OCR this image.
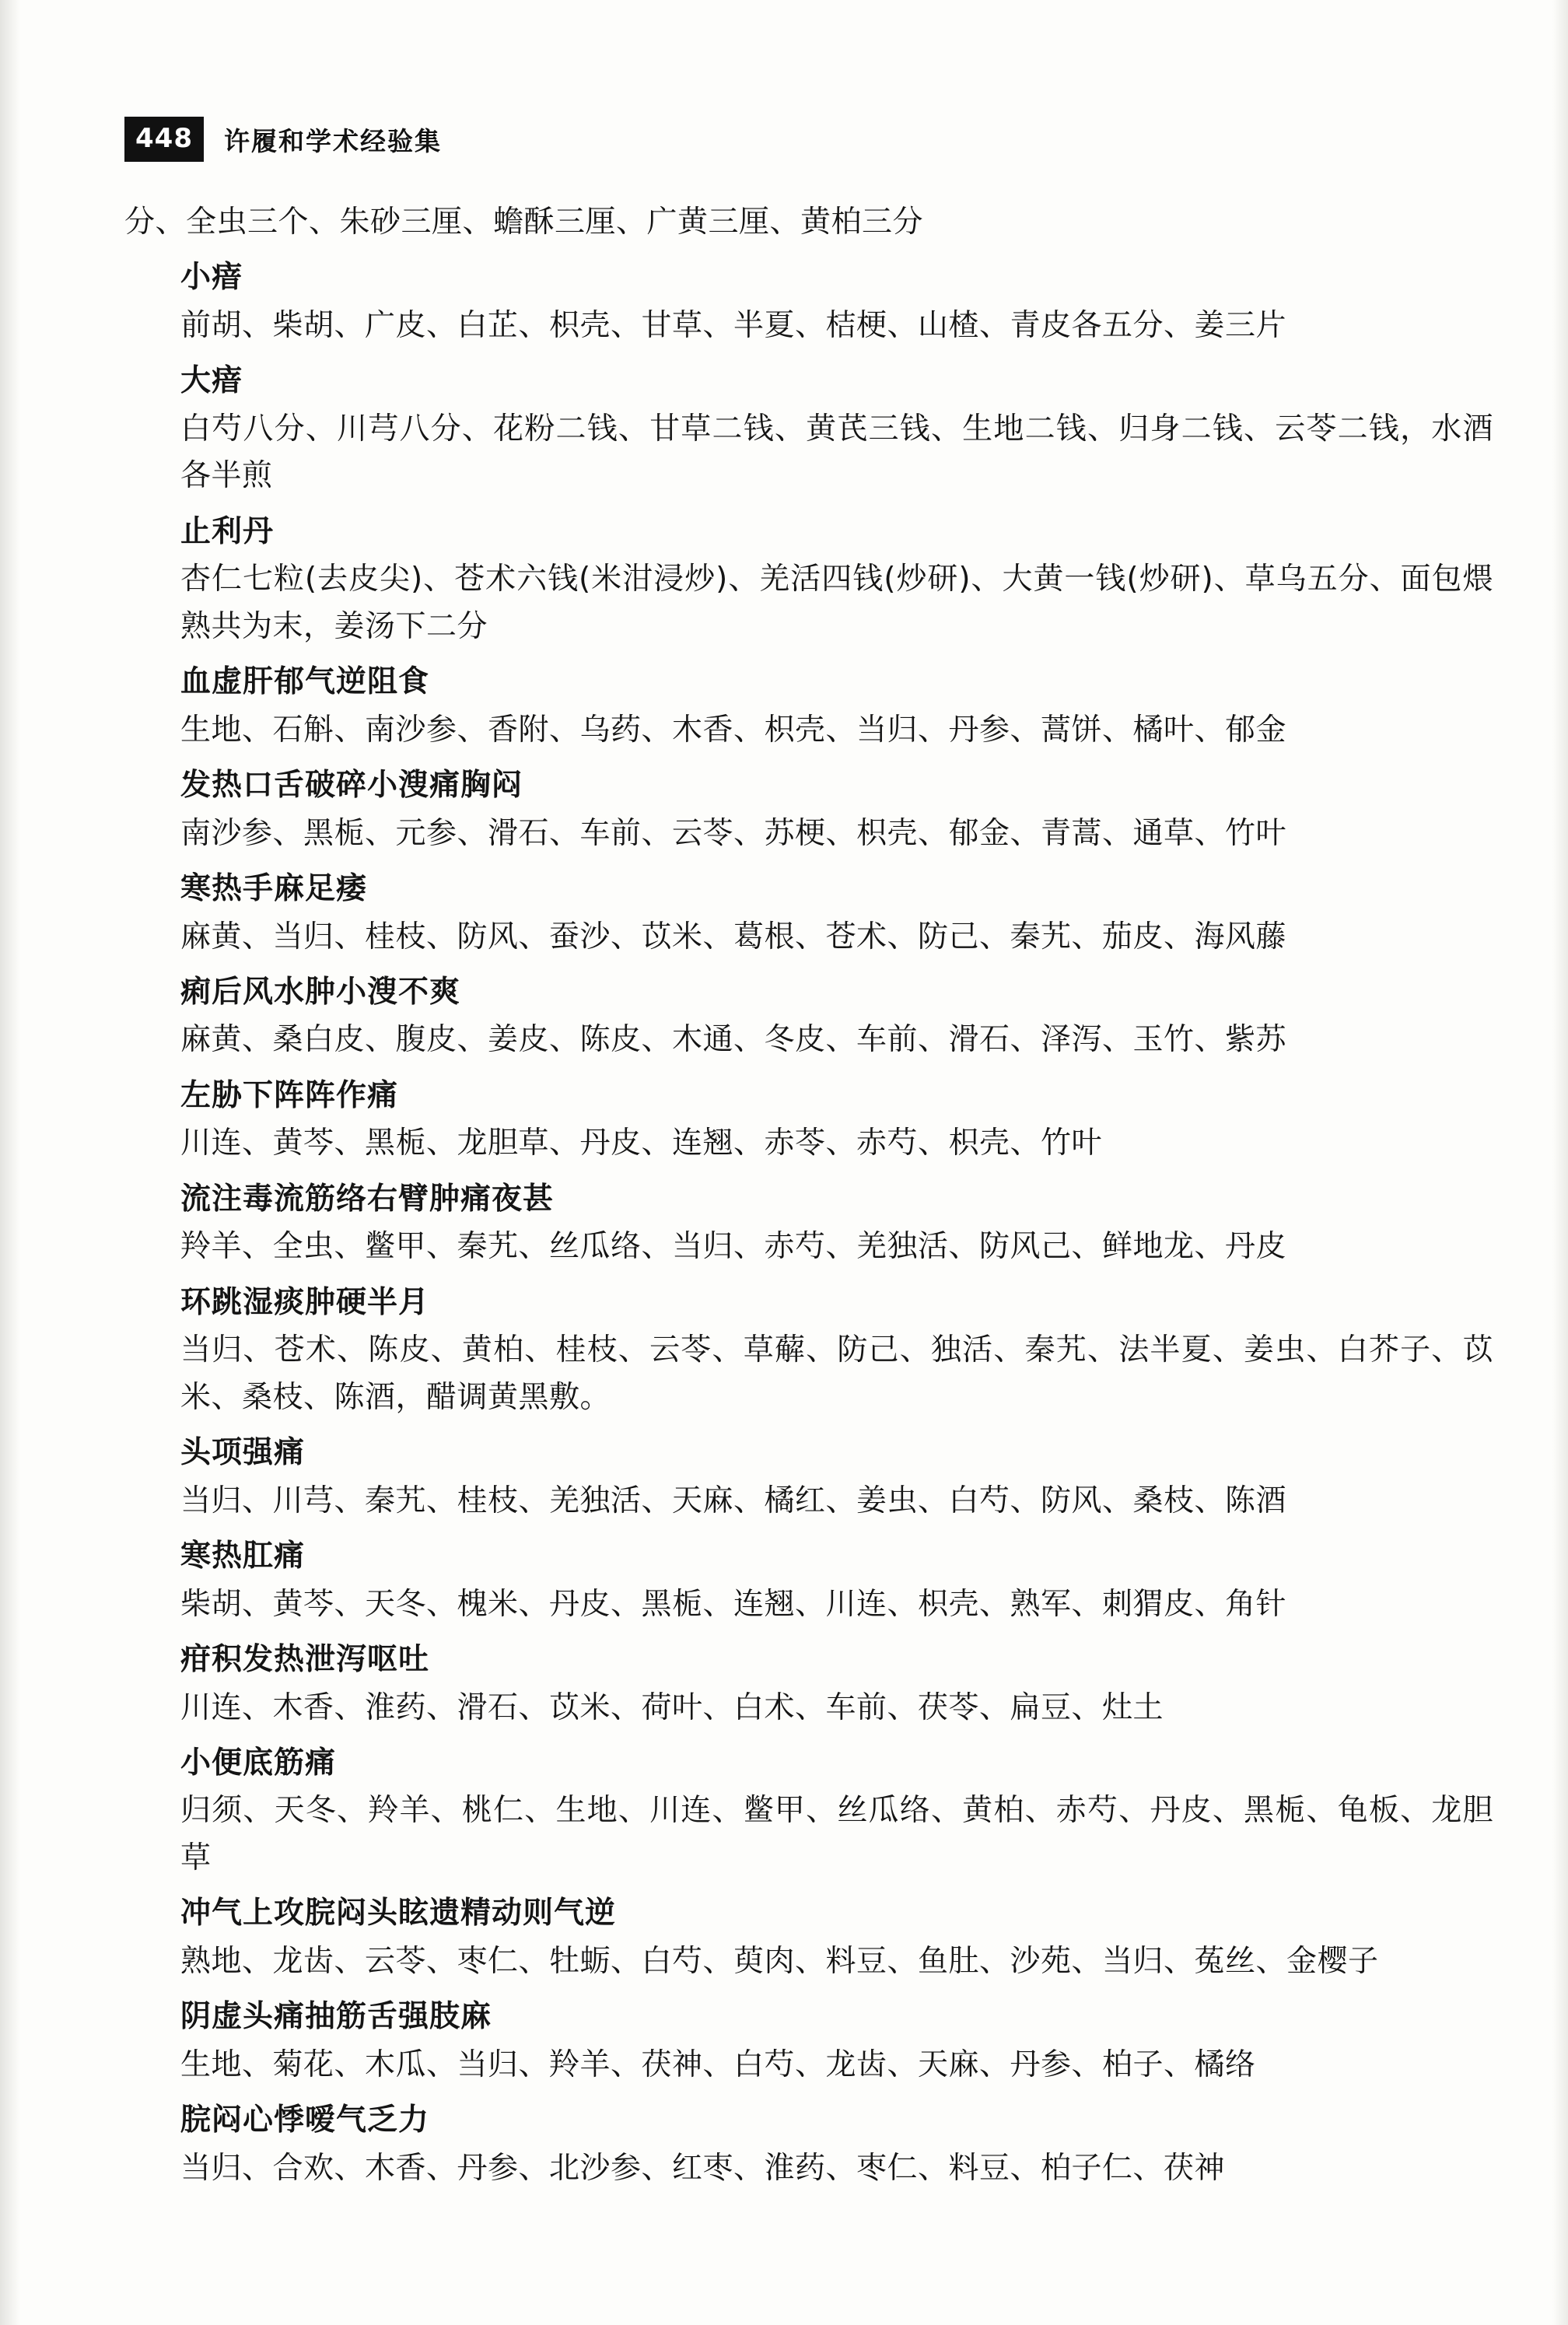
448	许履和学术经验集

分、全虫三个、朱砂三厘、蟾酥三厘、广黄三厘、黄柏三分

小瘖

前胡、柴胡、广皮、白芷、枳壳、甘草、半夏、桔梗、山楂、青皮各五分、姜三片

大瘖

白芍八分、川芎八分、花粉二钱、甘草二钱、黄芪三钱、生地二钱、归身二钱、云苓二钱，水酒各半煎

止利丹

杏仁七粒(去皮尖)、苍术六钱(米泔浸炒)、羌活四钱(炒研)、大黄一钱(炒研)、草乌五分、面包煨熟共为末，姜汤下二分

血虚肝郁气逆阻食

生地、石斛、南沙参、香附、乌药、木香、枳壳、当归、丹参、蒿饼、橘叶、郁金

发热口舌破碎小溲痛胸闷

南沙参、黑栀、元参、滑石、车前、云苓、苏梗、枳壳、郁金、青蒿、通草、竹叶

寒热手麻足痿

麻黄、当归、桂枝、防风、蚕沙、苡米、葛根、苍术、防己、秦艽、茄皮、海风藤

痢后风水肿小溲不爽

麻黄、桑白皮、腹皮、姜皮、陈皮、木通、冬皮、车前、滑石、泽泻、玉竹、紫苏

左胁下阵阵作痛

川连、黄芩、黑栀、龙胆草、丹皮、连翘、赤苓、赤芍、枳壳、竹叶

流注毒流筋络右臂肿痛夜甚

羚羊、全虫、鳖甲、秦艽、丝瓜络、当归、赤芍、羌独活、防风己、鲜地龙、丹皮

环跳湿痰肿硬半月

当归、苍术、陈皮、黄柏、桂枝、云苓、草薢、防己、独活、秦艽、法半夏、姜虫、白芥子、苡米、桑枝、陈酒，醋调黄黑敷。

头项强痛

当归、川芎、秦艽、桂枝、羌独活、天麻、橘红、姜虫、白芍、防风、桑枝、陈酒

寒热肛痛

柴胡、黄芩、天冬、槐米、丹皮、黑栀、连翘、川连、枳壳、熟军、刺猬皮、角针

疳积发热泄泻呕吐

川连、木香、淮药、滑石、苡米、荷叶、白术、车前、茯苓、扁豆、灶土

小便底筋痛

归须、天冬、羚羊、桃仁、生地、川连、鳖甲、丝瓜络、黄柏、赤芍、丹皮、黑栀、龟板、龙胆草

冲气上攻脘闷头眩遗精动则气逆

熟地、龙齿、云苓、枣仁、牡蛎、白芍、萸肉、料豆、鱼肚、沙苑、当归、菟丝、金樱子

阴虚头痛抽筋舌强肢麻

生地、菊花、木瓜、当归、羚羊、茯神、白芍、龙齿、天麻、丹参、柏子、橘络

脘闷心悸嗳气乏力

当归、合欢、木香、丹参、北沙参、红枣、淮药、枣仁、料豆、柏子仁、茯神
